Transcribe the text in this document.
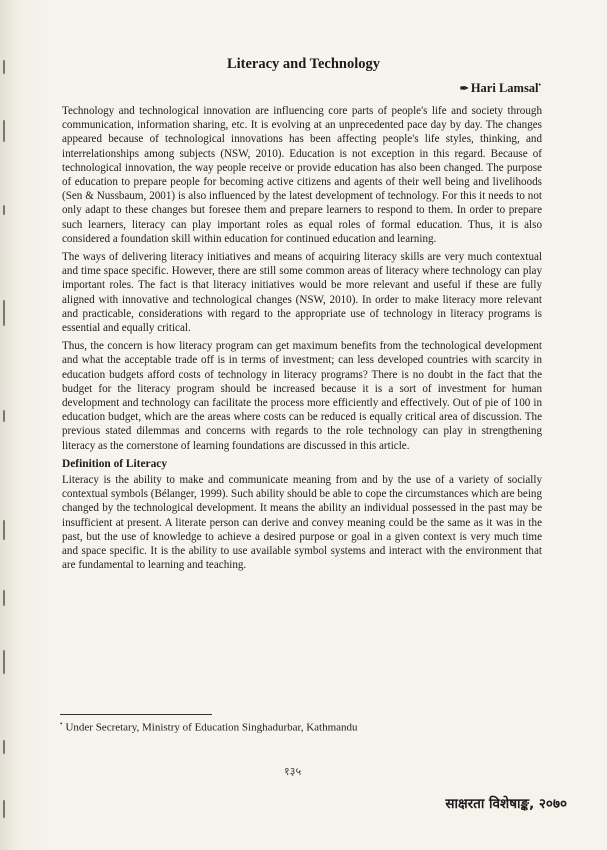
Literacy and Technology
✒ Hari Lamsal•

Technology and technological innovation are influencing core parts of people's life and society through communication, information sharing, etc. It is evolving at an unprecedented pace day by day. The changes appeared because of technological innovations has been affecting people's life styles, thinking, and interrelationships among subjects (NSW, 2010). Education is not exception in this regard. Because of technological innovation, the way people receive or provide education has also been changed. The purpose of education to prepare people for becoming active citizens and agents of their well being and livelihoods (Sen & Nussbaum, 2001) is also influenced by the latest development of technology. For this it needs to not only adapt to these changes but foresee them and prepare learners to respond to them. In order to prepare such learners, literacy can play important roles as equal roles of formal education. Thus, it is also considered a foundation skill within education for continued education and learning.

The ways of delivering literacy initiatives and means of acquiring literacy skills are very much contextual and time space specific. However, there are still some common areas of literacy where technology can play important roles. The fact is that literacy initiatives would be more relevant and useful if these are fully aligned with innovative and technological changes (NSW, 2010). In order to make literacy more relevant and practicable, considerations with regard to the appropriate use of technology in literacy programs is essential and equally critical.

Thus, the concern is how literacy program can get maximum benefits from the technological development and what the acceptable trade off is in terms of investment; can less developed countries with scarcity in education budgets afford costs of technology in literacy programs? There is no doubt in the fact that the budget for the literacy program should be increased because it is a sort of investment for human development and technology can facilitate the process more efficiently and effectively. Out of pie of 100 in education budget, which are the areas where costs can be reduced is equally critical area of discussion. The previous stated dilemmas and concerns with regards to the role technology can play in strengthening literacy as the cornerstone of learning foundations are discussed in this article.

Definition of Literacy

Literacy is the ability to make and communicate meaning from and by the use of a variety of socially contextual symbols (Bélanger, 1999). Such ability should be able to cope the circumstances which are being changed by the technological development. It means the ability an individual possessed in the past may be insufficient at present. A literate person can derive and convey meaning could be the same as it was in the past, but the use of knowledge to achieve a desired purpose or goal in a given context is very much time and space specific. It is the ability to use available symbol systems and interact with the environment that are fundamental to learning and teaching.

• Under Secretary, Ministry of Education Singhadurbar, Kathmandu
१३५
साक्षरता विशेषाङ्क, २०७०
